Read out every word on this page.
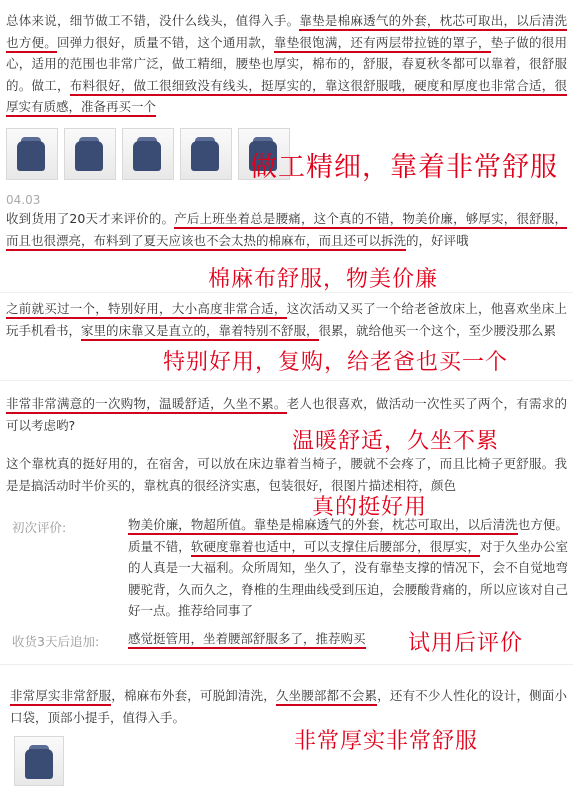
总体来说，细节做工不错，没什么线头，值得入手。靠垫是棉麻透气的外套，枕芯可取出，以后清洗也方便。回弹力很好，质量不错，这个通用款，靠垫很饱满，还有两层带拉链的罩子，垫子做的很用心，适用的范围也非常广泛，做工精细，腰垫也厚实，棉布的，舒服，春夏秋冬都可以靠着，很舒服的。做工，布料很好，做工很细致没有线头，挺厚实的，靠这很舒服哦，硬度和厚度也非常合适，很厚实有质感，准备再买一个

做工精细，靠着非常舒服
04.03

收到货用了20天才来评价的。产后上班坐着总是腰痛，这个真的不错，物美价廉，够厚实，很舒服，而且也很漂亮，布料到了夏天应该也不会太热的棉麻布，而且还可以拆洗的，好评哦

棉麻布舒服，物美价廉

之前就买过一个，特别好用，大小高度非常合适，这次活动又买了一个给老爸放床上，他喜欢坐床上玩手机看书，家里的床靠又是直立的，靠着特别不舒服，很累，就给他买一个这个，至少腰没那么累

特别好用，复购，给老爸也买一个

非常非常满意的一次购物，温暖舒适，久坐不累。老人也很喜欢，做活动一次性买了两个，有需求的可以考虑哟?

温暖舒适，久坐不累

这个靠枕真的挺好用的，在宿舍，可以放在床边靠着当椅子，腰就不会疼了，而且比椅子更舒服。我是是搞活动时半价买的，靠枕真的很经济实惠，包装很好，很图片描述相符，颜色

真的挺好用
初次评价:	物美价廉，物超所值。靠垫是棉麻透气的外套，枕芯可取出，以后清洗也方便。质量不错，软硬度靠着也适中，可以支撑住后腰部分，很厚实，对于久坐办公室的人真是一大福利。众所周知，坐久了，没有靠垫支撑的情况下，会不自觉地弯腰驼背，久而久之，脊椎的生理曲线受到压迫，会腰酸背痛的，所以应该对自己好一点。推荐给同事了
收货3天后追加: 感觉挺管用，坐着腰部舒服多了，推荐购买	试用后评价

非常厚实非常舒服，棉麻布外套，可脱卸清洗，久坐腰部都不会累，还有不少人性化的设计，侧面小口袋，顶部小提手，值得入手。

非常厚实非常舒服
